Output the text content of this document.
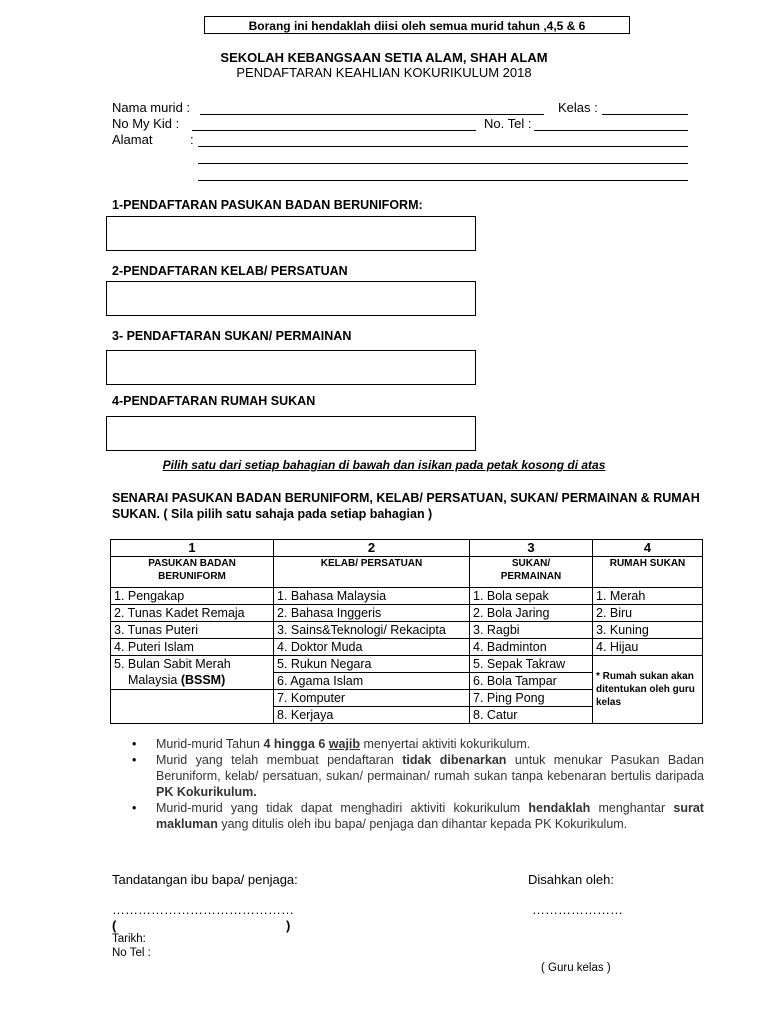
Borang ini hendaklah diisi oleh semua murid tahun ,4,5 & 6
SEKOLAH KEBANGSAAN SETIA ALAM, SHAH ALAM
PENDAFTARAN KEAHLIAN KOKURIKULUM 2018
Nama murid :	Kelas :
No My Kid :	No. Tel :
Alamat	:
1-PENDAFTARAN PASUKAN BADAN BERUNIFORM:
2-PENDAFTARAN KELAB/ PERSATUAN
3- PENDAFTARAN SUKAN/ PERMAINAN
4-PENDAFTARAN RUMAH SUKAN
Pilih satu dari setiap bahagian di bawah dan isikan pada petak kosong di atas
SENARAI PASUKAN BADAN BERUNIFORM, KELAB/ PERSATUAN, SUKAN/ PERMAINAN & RUMAH SUKAN. ( Sila pilih satu sahaja pada setiap bahagian )
1	2	3	4
PASUKAN BADAN
BERUNIFORM	KELAB/ PERSATUAN	SUKAN/
PERMAINAN	RUMAH SUKAN
1. Pengakap	1. Bahasa Malaysia	1. Bola sepak	1. Merah
2. Tunas Kadet Remaja	2. Bahasa Inggeris	2. Bola Jaring	2. Biru
3. Tunas Puteri	3. Sains&Teknologi/ Rekacipta	3. Ragbi	3. Kuning
4. Puteri Islam	4. Doktor Muda	4. Badminton	4. Hijau
5. Bulan Sabit Merah
Malaysia (BSSM)	5. Rukun Negara	5. Sepak Takraw	* Rumah sukan akan ditentukan oleh guru kelas
	6. Agama Islam	6. Bola Tampar	
	7. Komputer	7. Ping Pong	
	8. Kerjaya	8. Catur	
• Murid-murid Tahun 4 hingga 6 wajib menyertai aktiviti kokurikulum.
• Murid yang telah membuat pendaftaran tidak dibenarkan untuk menukar Pasukan Badan Beruniform, kelab/ persatuan, sukan/ permainan/ rumah sukan tanpa kebenaran bertulis daripada PK Kokurikulum.
• Murid-murid yang tidak dapat menghadiri aktiviti kokurikulum hendaklah menghantar surat makluman yang ditulis oleh ibu bapa/ penjaga dan dihantar kepada PK Kokurikulum.
Tandatangan ibu bapa/ penjaga:	Disahkan oleh:
……………………………………	…………………
(	)
Tarikh:
No Tel :
( Guru kelas )
